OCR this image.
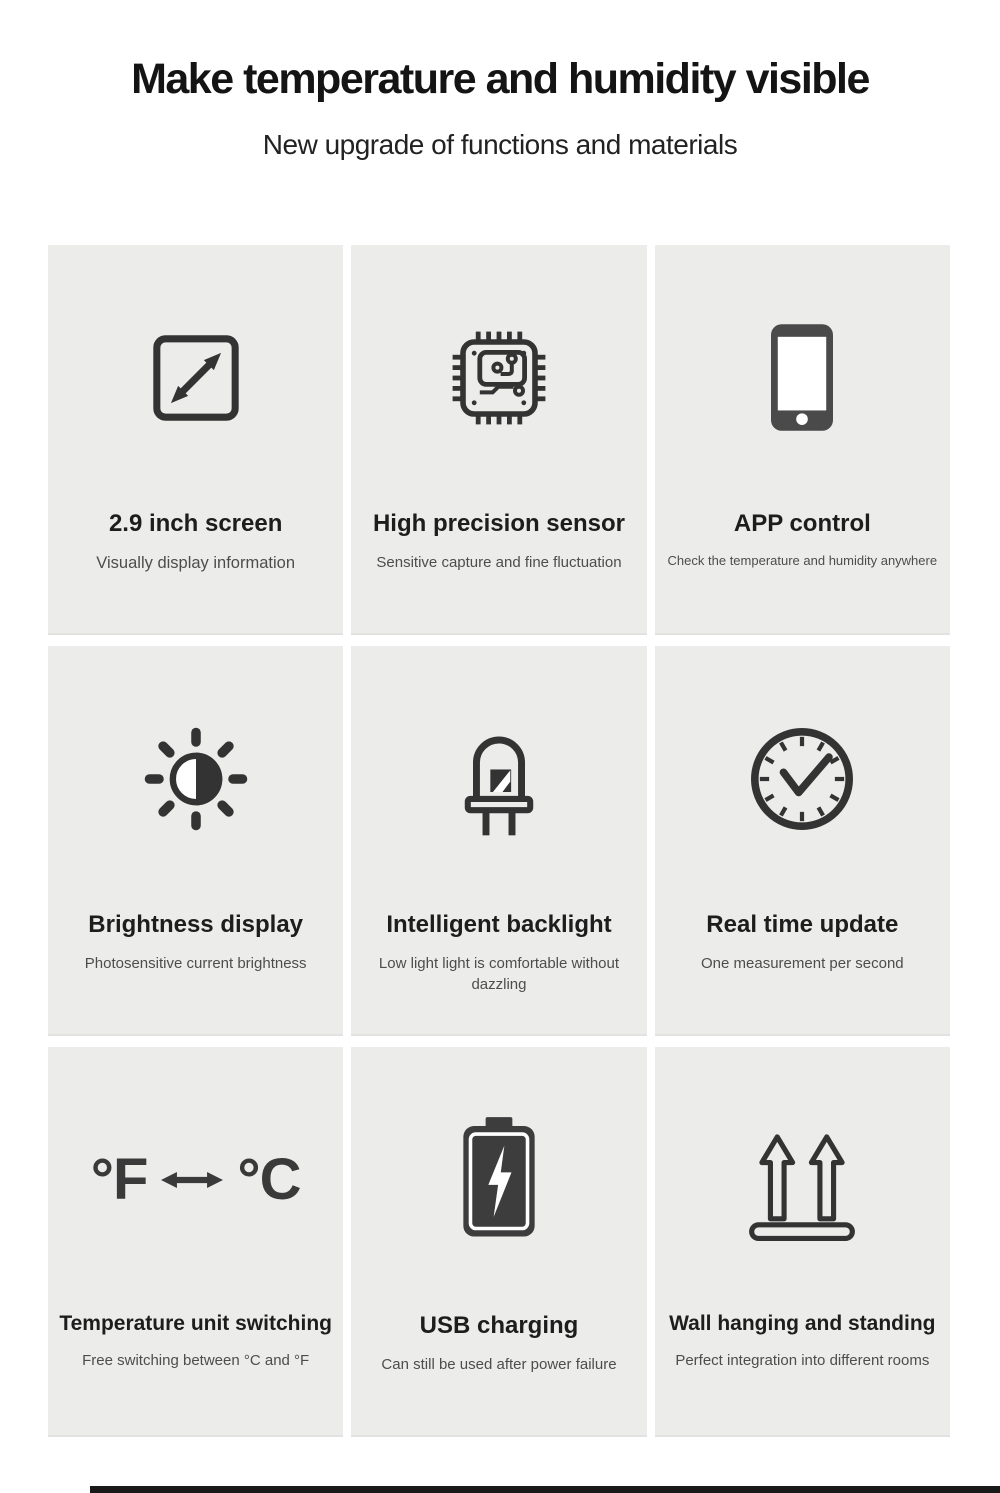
Make temperature and humidity visible
New upgrade of functions and materials
2.9 inch screen
Visually display information
High precision sensor
Sensitive capture and fine fluctuation
APP control
Check the temperature and humidity anywhere
Brightness display
Photosensitive current brightness
Intelligent backlight
Low light light is comfortable without dazzling
Real time update
One measurement per second
°F °C
Temperature unit switching
Free switching between °C and °F
USB charging
Can still be used after power failure
Wall hanging and standing
Perfect integration into different rooms
